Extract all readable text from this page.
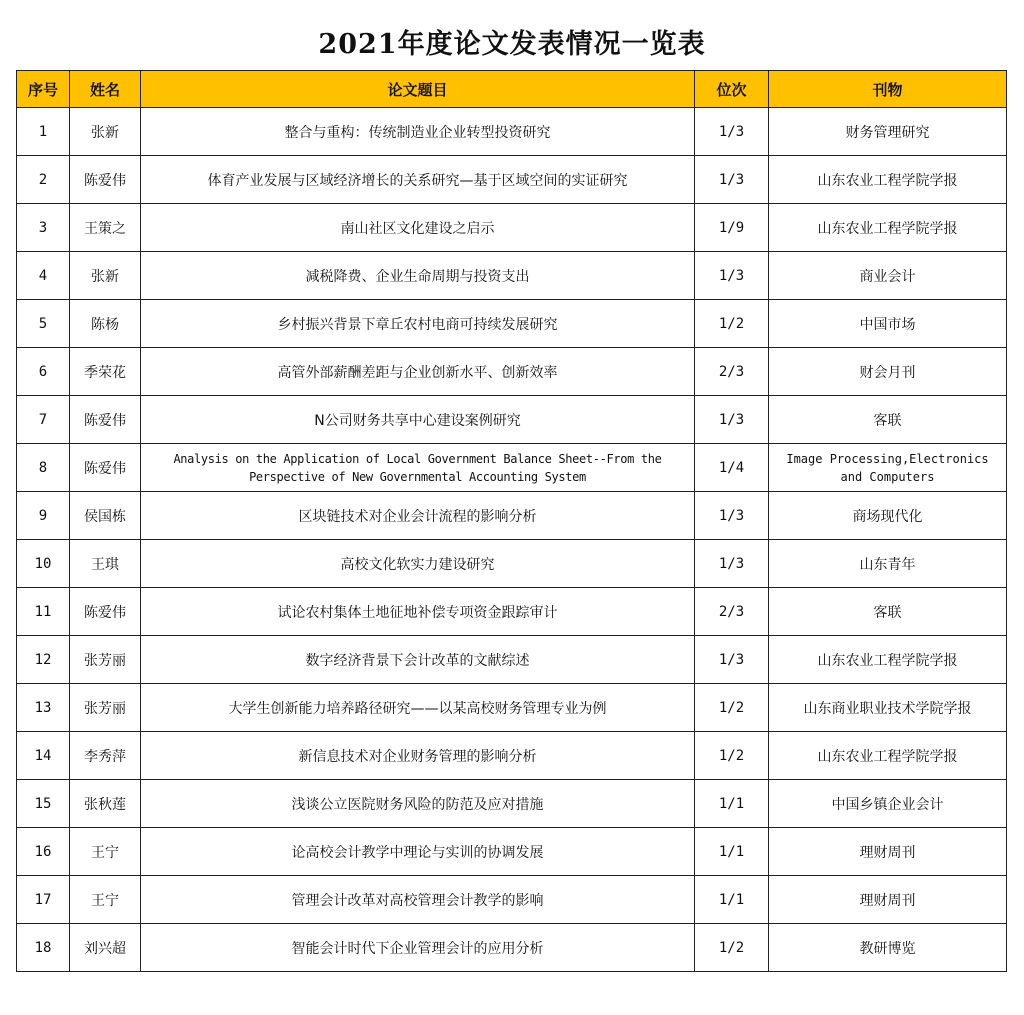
2021年度论文发表情况一览表
序号	姓名	论文题目	位次	刊物
1	张新	整合与重构：传统制造业企业转型投资研究	1/3	财务管理研究
2	陈爱伟	体育产业发展与区域经济增长的关系研究—基于区域空间的实证研究	1/3	山东农业工程学院学报
3	王策之	南山社区文化建设之启示	1/9	山东农业工程学院学报
4	张新	减税降费、企业生命周期与投资支出	1/3	商业会计
5	陈杨	乡村振兴背景下章丘农村电商可持续发展研究	1/2	中国市场
6	季荣花	高管外部薪酬差距与企业创新水平、创新效率	2/3	财会月刊
7	陈爱伟	N公司财务共享中心建设案例研究	1/3	客联
8	陈爱伟	Analysis on the Application of Local Government Balance Sheet--From the
Perspective of New Governmental Accounting System	1/4	Image Processing,Electronics and Computers
9	侯国栋	区块链技术对企业会计流程的影响分析	1/3	商场现代化
10	王琪	高校文化软实力建设研究	1/3	山东青年
11	陈爱伟	试论农村集体土地征地补偿专项资金跟踪审计	2/3	客联
12	张芳丽	数字经济背景下会计改革的文献综述	1/3	山东农业工程学院学报
13	张芳丽	大学生创新能力培养路径研究——以某高校财务管理专业为例	1/2	山东商业职业技术学院学报
14	李秀萍	新信息技术对企业财务管理的影响分析	1/2	山东农业工程学院学报
15	张秋莲	浅谈公立医院财务风险的防范及应对措施	1/1	中国乡镇企业会计
16	王宁	论高校会计教学中理论与实训的协调发展	1/1	理财周刊
17	王宁	管理会计改革对高校管理会计教学的影响	1/1	理财周刊
18	刘兴超	智能会计时代下企业管理会计的应用分析	1/2	教研博览
